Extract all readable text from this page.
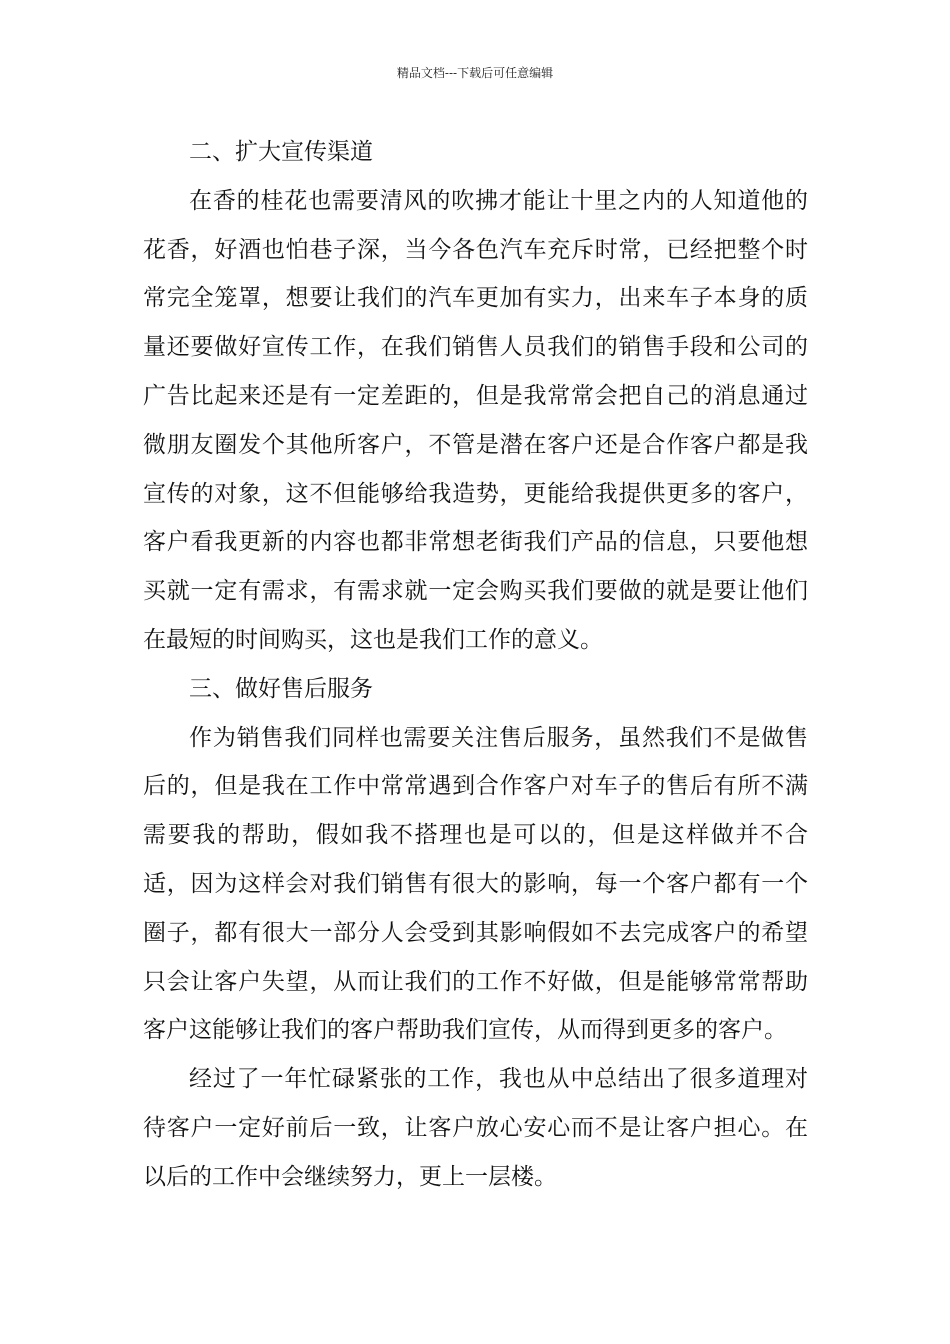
精品文档---下载后可任意编辑

二、扩大宣传渠道

在香的桂花也需要清风的吹拂才能让十里之内的人知道他的花香，好酒也怕巷子深，当今各色汽车充斥时常，已经把整个时常完全笼罩，想要让我们的汽车更加有实力，出来车子本身的质量还要做好宣传工作，在我们销售人员我们的销售手段和公司的广告比起来还是有一定差距的，但是我常常会把自己的消息通过微朋友圈发个其他所客户，不管是潜在客户还是合作客户都是我宣传的对象，这不但能够给我造势，更能给我提供更多的客户，客户看我更新的内容也都非常想老街我们产品的信息，只要他想买就一定有需求，有需求就一定会购买我们要做的就是要让他们在最短的时间购买，这也是我们工作的意义。

三、做好售后服务

作为销售我们同样也需要关注售后服务，虽然我们不是做售后的，但是我在工作中常常遇到合作客户对车子的售后有所不满需要我的帮助，假如我不搭理也是可以的，但是这样做并不合适，因为这样会对我们销售有很大的影响，每一个客户都有一个圈子，都有很大一部分人会受到其影响假如不去完成客户的希望只会让客户失望，从而让我们的工作不好做，但是能够常常帮助客户这能够让我们的客户帮助我们宣传，从而得到更多的客户。

经过了一年忙碌紧张的工作，我也从中总结出了很多道理对待客户一定好前后一致，让客户放心安心而不是让客户担心。在以后的工作中会继续努力，更上一层楼。
